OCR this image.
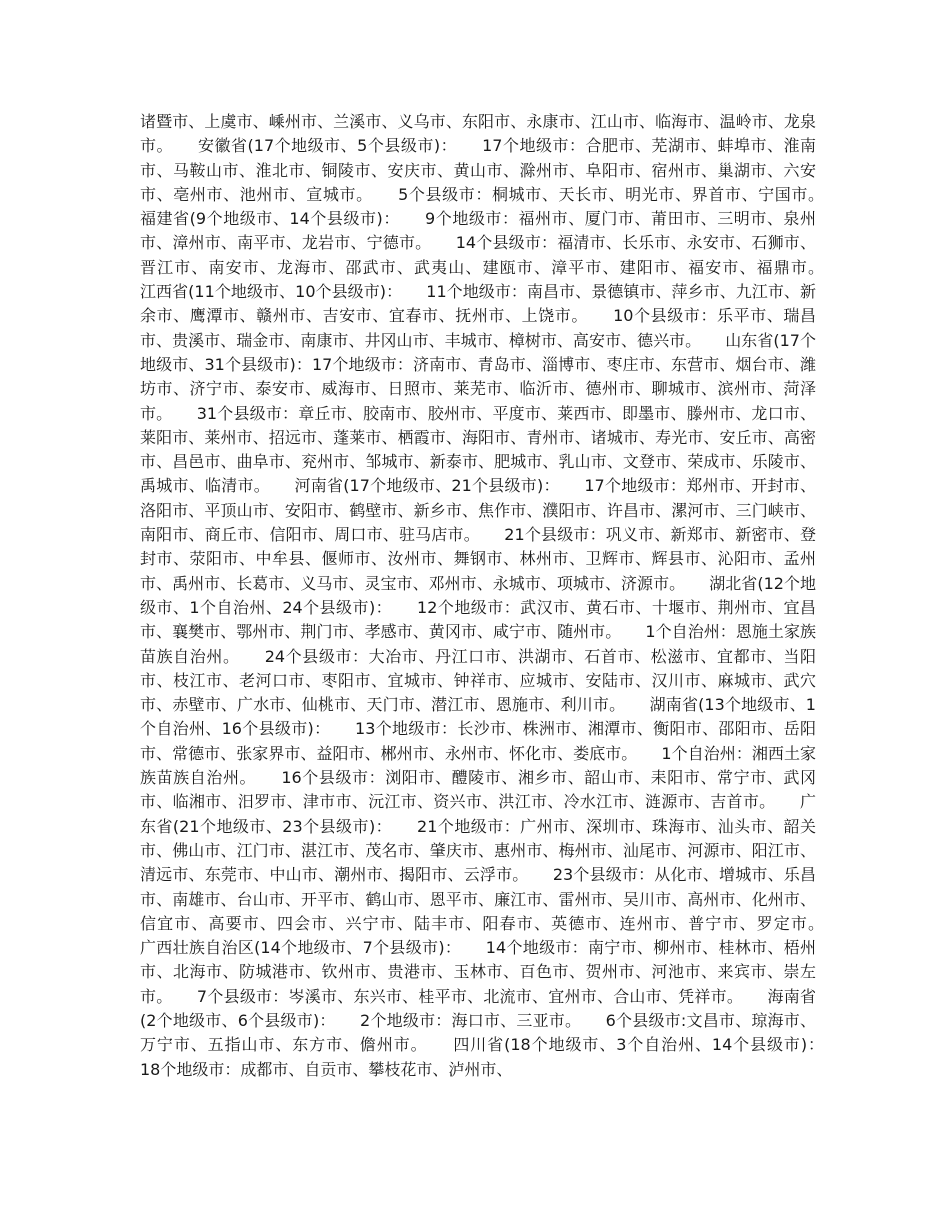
诸暨市、上虞市、嵊州市、兰溪市、义乌市、东阳市、永康市、江山市、临海市、温岭市、龙泉市。　　安徽省(17个地级市、5个县级市)：　　17个地级市：合肥市、芜湖市、蚌埠市、淮南市、马鞍山市、淮北市、铜陵市、安庆市、黄山市、滁州市、阜阳市、宿州市、巢湖市、六安市、亳州市、池州市、宣城市。　　5个县级市：桐城市、天长市、明光市、界首市、宁国市。　　福建省(9个地级市、14个县级市)：　　9个地级市：福州市、厦门市、莆田市、三明市、泉州市、漳州市、南平市、龙岩市、宁德市。　　14个县级市：福清市、长乐市、永安市、石狮市、晋江市、南安市、龙海市、邵武市、武夷山、建瓯市、漳平市、建阳市、福安市、福鼎市。　　江西省(11个地级市、10个县级市)：　　11个地级市：南昌市、景德镇市、萍乡市、九江市、新余市、鹰潭市、赣州市、吉安市、宜春市、抚州市、上饶市。　　10个县级市：乐平市、瑞昌市、贵溪市、瑞金市、南康市、井冈山市、丰城市、樟树市、高安市、德兴市。　　山东省(17个地级市、31个县级市)：17个地级市：济南市、青岛市、淄博市、枣庄市、东营市、烟台市、潍坊市、济宁市、泰安市、威海市、日照市、莱芜市、临沂市、德州市、聊城市、滨州市、菏泽市。　　31个县级市：章丘市、胶南市、胶州市、平度市、莱西市、即墨市、滕州市、龙口市、莱阳市、莱州市、招远市、蓬莱市、栖霞市、海阳市、青州市、诸城市、寿光市、安丘市、高密市、昌邑市、曲阜市、兖州市、邹城市、新泰市、肥城市、乳山市、文登市、荣成市、乐陵市、禹城市、临清市。　　河南省(17个地级市、21个县级市)：　　17个地级市：郑州市、开封市、洛阳市、平顶山市、安阳市、鹤壁市、新乡市、焦作市、濮阳市、许昌市、漯河市、三门峡市、南阳市、商丘市、信阳市、周口市、驻马店市。　　21个县级市：巩义市、新郑市、新密市、登封市、荥阳市、中牟县、偃师市、汝州市、舞钢市、林州市、卫辉市、辉县市、沁阳市、孟州市、禹州市、长葛市、义马市、灵宝市、邓州市、永城市、项城市、济源市。　　湖北省(12个地级市、1个自治州、24个县级市)：　　12个地级市：武汉市、黄石市、十堰市、荆州市、宜昌市、襄樊市、鄂州市、荆门市、孝感市、黄冈市、咸宁市、随州市。　　1个自治州：恩施土家族苗族自治州。　　24个县级市：大冶市、丹江口市、洪湖市、石首市、松滋市、宜都市、当阳市、枝江市、老河口市、枣阳市、宜城市、钟祥市、应城市、安陆市、汉川市、麻城市、武穴市、赤壁市、广水市、仙桃市、天门市、潜江市、恩施市、利川市。　　湖南省(13个地级市、1个自治州、16个县级市)：　　13个地级市：长沙市、株洲市、湘潭市、衡阳市、邵阳市、岳阳市、常德市、张家界市、益阳市、郴州市、永州市、怀化市、娄底市。　　1个自治州：湘西土家族苗族自治州。　　16个县级市：浏阳市、醴陵市、湘乡市、韶山市、耒阳市、常宁市、武冈市、临湘市、汨罗市、津市市、沅江市、资兴市、洪江市、冷水江市、涟源市、吉首市。　　广东省(21个地级市、23个县级市)：　　21个地级市：广州市、深圳市、珠海市、汕头市、韶关市、佛山市、江门市、湛江市、茂名市、肇庆市、惠州市、梅州市、汕尾市、河源市、阳江市、清远市、东莞市、中山市、潮州市、揭阳市、云浮市。　　23个县级市：从化市、增城市、乐昌市、南雄市、台山市、开平市、鹤山市、恩平市、廉江市、雷州市、吴川市、高州市、化州市、信宜市、高要市、四会市、兴宁市、陆丰市、阳春市、英德市、连州市、普宁市、罗定市。　　广西壮族自治区(14个地级市、7个县级市)：　　14个地级市：南宁市、柳州市、桂林市、梧州市、北海市、防城港市、钦州市、贵港市、玉林市、百色市、贺州市、河池市、来宾市、崇左市。　　7个县级市：岑溪市、东兴市、桂平市、北流市、宜州市、合山市、凭祥市。　　海南省(2个地级市、6个县级市)：　　2个地级市：海口市、三亚市。　　6个县级市:文昌市、琼海市、万宁市、五指山市、东方市、儋州市。　　四川省(18个地级市、3个自治州、14个县级市)：　　18个地级市：成都市、自贡市、攀枝花市、泸州市、
